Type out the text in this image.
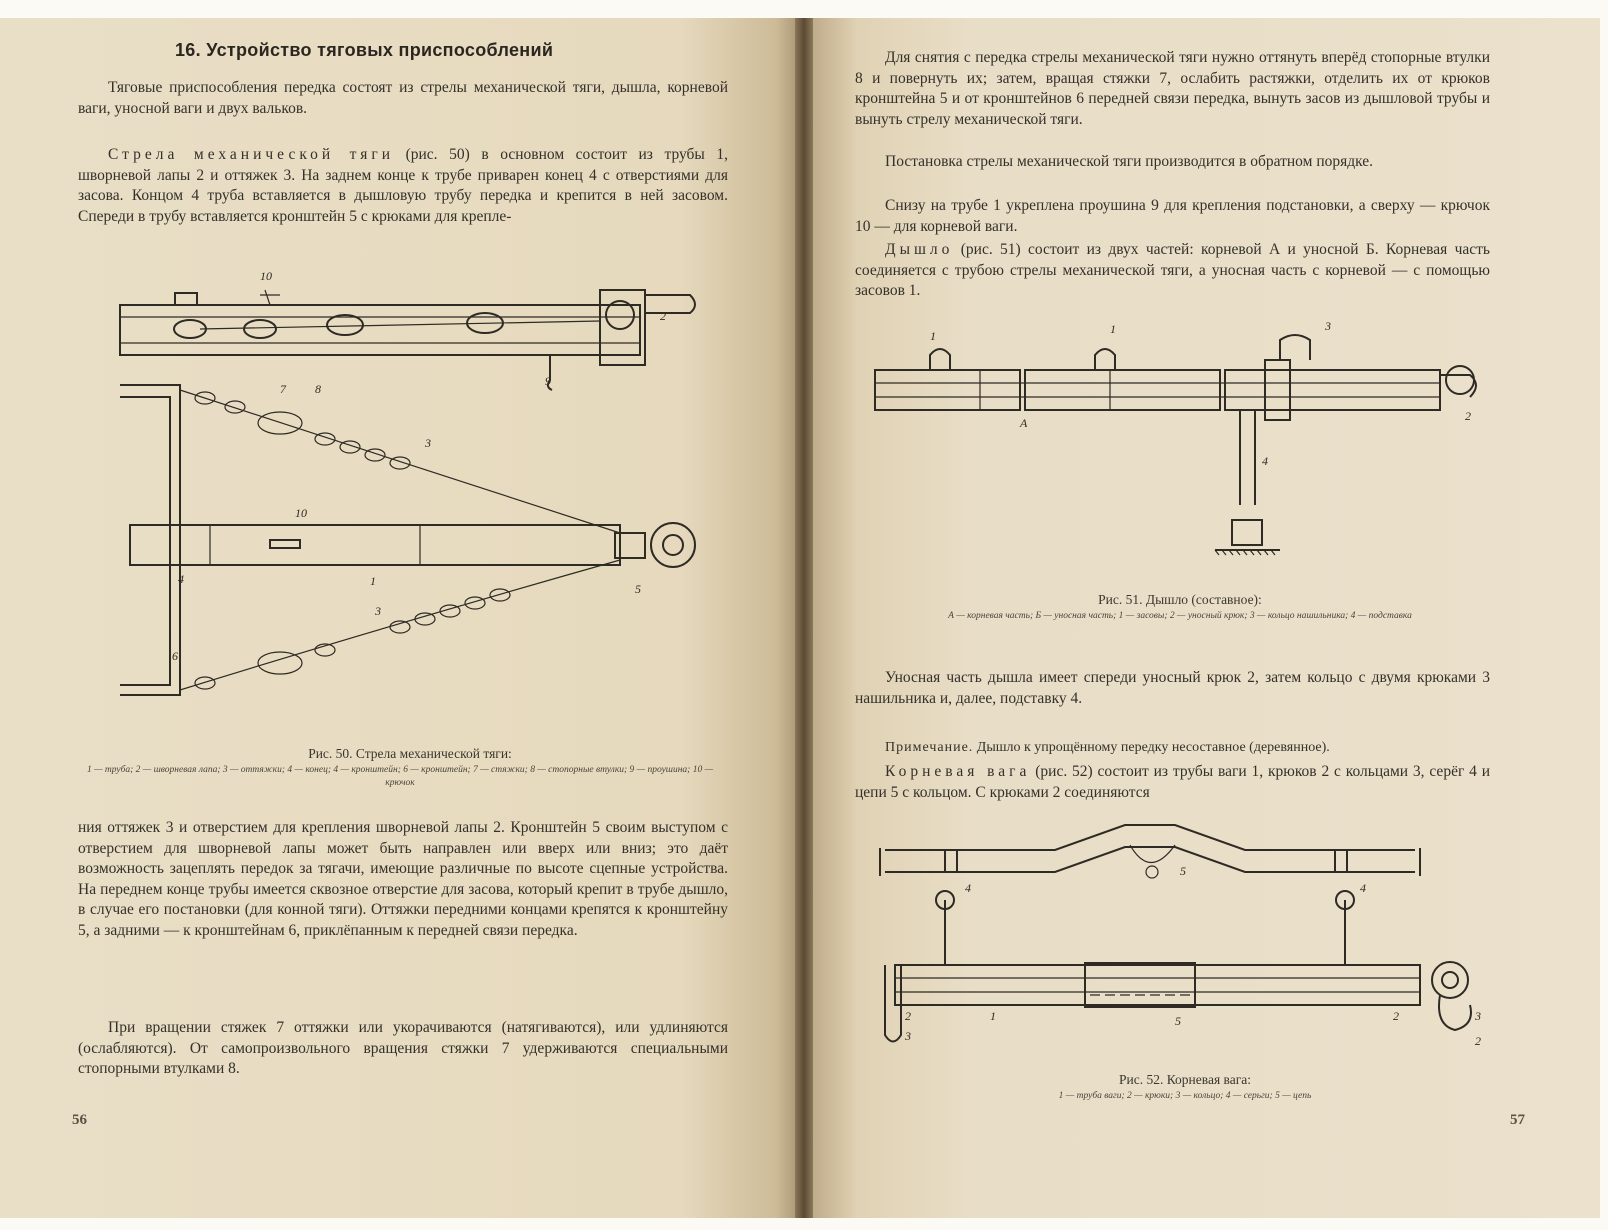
16. Устройство тяговых приспособлений
Тяговые приспособления передка состоят из стрелы механической тяги, дышла, корневой ваги, уносной ваги и двух вальков.
Стрела механической тяги (рис. 50) в основном состоит из трубы 1, шворневой лапы 2 и оттяжек 3. На заднем конце к трубе приварен конец 4 с отверстиями для засова. Концом 4 труба вставляется в дышловую трубу передка и крепится в ней засовом. Спереди в трубу вставляется кронштейн 5 с крюками для крепле-
10
2
9
7 8
3
10
1
4
5
3
6
Рис. 50. Стрела механической тяги:
1 — труба; 2 — шворневая лапа; 3 — оттяжки; 4 — конец; 4 — кронштейн; 6 — кронштейн; 7 — стяжки; 8 — стопорные втулки; 9 — проушина; 10 — крючок
ния оттяжек 3 и отверстием для крепления шворневой лапы 2. Кронштейн 5 своим выступом с отверстием для шворневой лапы может быть направлен или вверх или вниз; это даёт возможность зацеплять передок за тягачи, имеющие различные по высоте сцепные устройства. На переднем конце трубы имеется сквозное отверстие для засова, который крепит в трубе дышло, в случае его постановки (для конной тяги). Оттяжки передними концами крепятся к кронштейну 5, а задними — к кронштейнам 6, приклёпанным к передней связи передка.
При вращении стяжек 7 оттяжки или укорачиваются (натягиваются), или удлиняются (ослабляются). От самопроизвольного вращения стяжки 7 удерживаются специальными стопорными втулками 8.
56
Для снятия с передка стрелы механической тяги нужно оттянуть вперёд стопорные втулки 8 и повернуть их; затем, вращая стяжки 7, ослабить растяжки, отделить их от крюков кронштейна 5 и от кронштейнов 6 передней связи передка, вынуть засов из дышловой трубы и вынуть стрелу механической тяги.
Постановка стрелы механической тяги производится в обратном порядке.
Снизу на трубе 1 укреплена проушина 9 для крепления подстановки, а сверху — крючок 10 — для корневой ваги.
Дышло (рис. 51) состоит из двух частей: корневой А и уносной Б. Корневая часть соединяется с трубою стрелы механической тяги, а уносная часть с корневой — с помощью засовов 1.
1	1	3
А	2
4
Рис. 51. Дышло (составное):
А — корневая часть; Б — уносная часть; 1 — засовы; 2 — уносный крюк; 3 — кольцо нашильника; 4 — подставка
Уносная часть дышла имеет спереди уносный крюк 2, затем кольцо с двумя крюками 3 нашильника и, далее, подставку 4.
Примечание. Дышло к упрощённому передку несоставное (деревянное).
Корневая вага (рис. 52) состоит из трубы ваги 1, крюков 2 с кольцами 3, серёг 4 и цепи 5 с кольцом. С крюками 2 соединяются
4	4
5
1	5
2
3
2	3
2
Рис. 52. Корневая вага:
1 — труба ваги; 2 — крюки; 3 — кольцо; 4 — серьги; 5 — цепь
57
